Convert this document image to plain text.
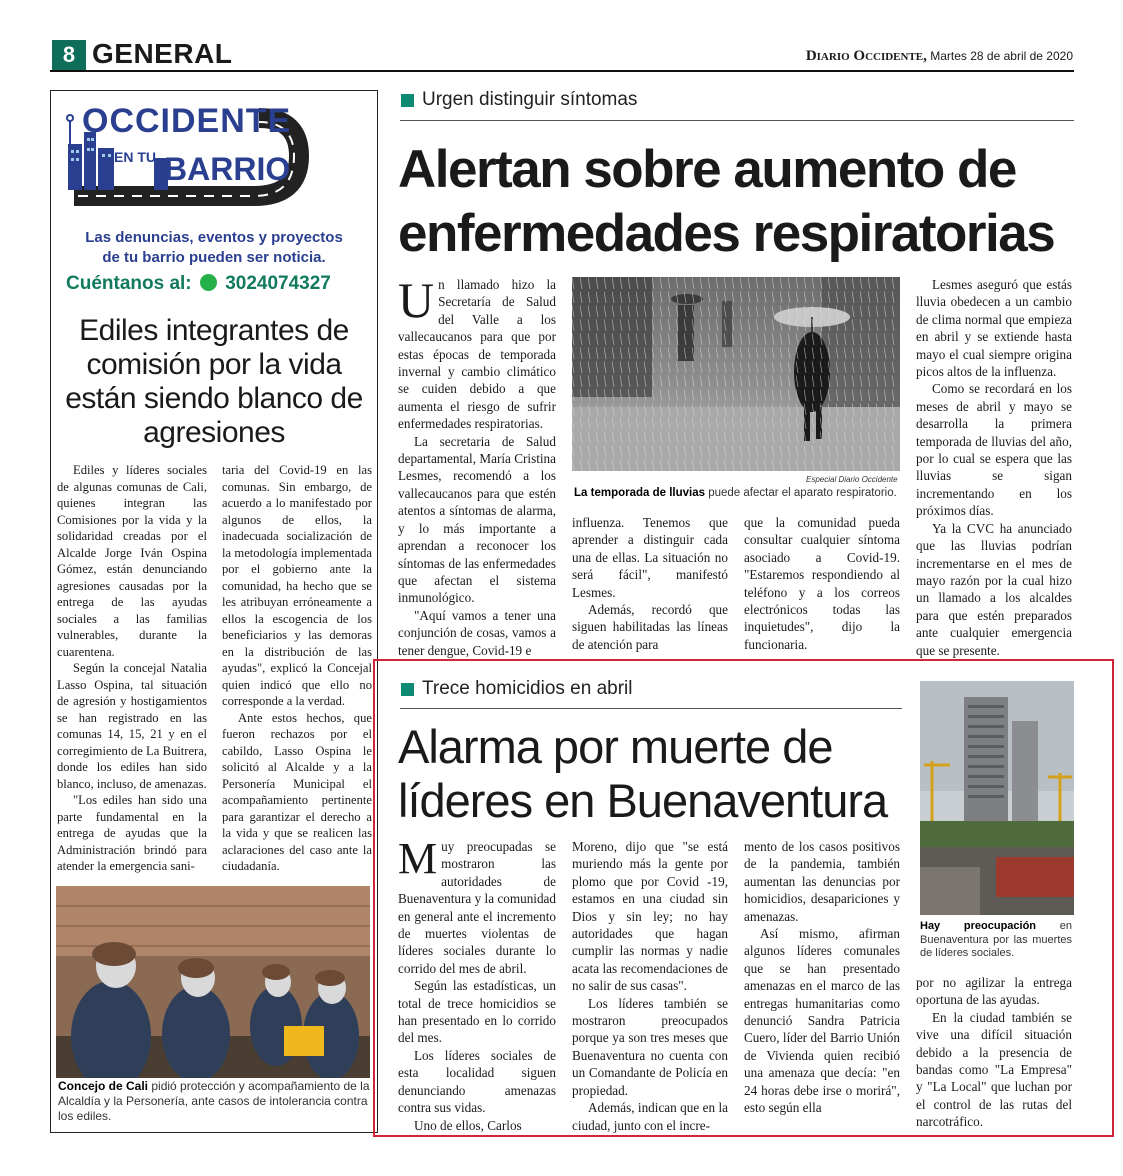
8 GENERAL	Diario Occidente, Martes 28 de abril de 2020
OCCIDENTE
EN TU BARRIO
Las denuncias, eventos y proyectos
de tu barrio pueden ser noticia.
Cuéntanos al: 3024074327
Ediles integrantes de comisión por la vida están siendo blanco de agresiones

Ediles y líderes sociales de algunas comunas de Cali, quienes integran las Comisiones por la vida y la solidaridad creadas por el Alcalde Jorge Iván Ospina Gómez, están denunciando agresiones causadas por la entrega de las ayudas sociales a las familias vulnerables, durante la cuarentena.

Según la concejal Natalia Lasso Ospina, tal situación de agresión y hostigamientos se han registrado en las comunas 14, 15, 21 y en el corregimiento de La Buitrera, donde los ediles han sido blanco, incluso, de amenazas.

"Los ediles han sido una parte fundamental en la entrega de ayudas que la Administración brindó para atender la emergencia sani-

taria del Covid-19 en las comunas. Sin embargo, de acuerdo a lo manifestado por algunos de ellos, la inadecuada socialización de la metodología implementada por el gobierno ante la comunidad, ha hecho que se les atribuyan erróneamente a ellos la escogencia de los beneficiarios y las demoras en la distribución de las ayudas", explicó la Concejal quien indicó que ello no corresponde a la verdad.

Ante estos hechos, que fueron rechazos por el cabildo, Lasso Ospina le solicitó al Alcalde y a la Personería Municipal el acompañamiento pertinente para garantizar el derecho a la vida y que se realicen las aclaraciones del caso ante la ciudadanía.

Concejo de Cali pidió protección y acompañamiento de la Alcaldía y la Personería, ante casos de intolerancia contra los ediles.
Urgen distinguir síntomas
Alertan sobre aumento de
enfermedades respiratorias

Un llamado hizo la Secretaría de Salud del Valle a los vallecaucanos para que por estas épocas de temporada invernal y cambio climático se cuiden debido a que aumenta el riesgo de sufrir enfermedades respiratorias.

La secretaria de Salud departamental, María Cristina Lesmes, recomendó a los vallecaucanos para que estén atentos a síntomas de alarma, y lo más importante a aprendan a reconocer los síntomas de las enfermedades que afectan el sistema inmunológico.

"Aquí vamos a tener una conjunción de cosas, vamos a tener dengue, Covid-19 e

Especial Diario Occidente
La temporada de lluvias puede afectar el aparato respiratorio.

influenza. Tenemos que aprender a distinguir cada una de ellas. La situación no será fácil", manifestó Lesmes.

Además, recordó que siguen habilitadas las líneas de atención para

que la comunidad pueda consultar cualquier síntoma asociado a Covid-19. "Estaremos respondiendo al teléfono y a los correos electrónicos todas las inquietudes", dijo la funcionaria.

Lesmes aseguró que estás lluvia obedecen a un cambio de clima normal que empieza en abril y se extiende hasta mayo el cual siempre origina picos altos de la influenza.

Como se recordará en los meses de abril y mayo se desarrolla la primera temporada de lluvias del año, por lo cual se espera que las lluvias se sigan incrementando en los próximos días.

Ya la CVC ha anunciado que las lluvias podrían incrementarse en el mes de mayo razón por la cual hizo un llamado a los alcaldes para que estén preparados ante cualquier emergencia que se presente.

Trece homicidios en abril
Alarma por muerte de
líderes en Buenaventura

Muy preocupadas se mostraron las autoridades de Buenaventura y la comunidad en general ante el incremento de muertes violentas de líderes sociales durante lo corrido del mes de abril.

Según las estadísticas, un total de trece homicidios se han presentado en lo corrido del mes.

Los líderes sociales de esta localidad siguen denunciando amenazas contra sus vidas.

Uno de ellos, Carlos

Moreno, dijo que "se está muriendo más la gente por plomo que por Covid -19, estamos en una ciudad sin Dios y sin ley; no hay autoridades que hagan cumplir las normas y nadie acata las recomendaciones de no salir de sus casas".

Los líderes también se mostraron preocupados porque ya son tres meses que Buenaventura no cuenta con un Comandante de Policía en propiedad.

Además, indican que en la ciudad, junto con el incre-

mento de los casos positivos de la pandemia, también aumentan las denuncias por homicidios, desapariciones y amenazas.

Así mismo, afirman algunos líderes comunales que se han presentado amenazas en el marco de las entregas humanitarias como denunció Sandra Patricia Cuero, líder del Barrio Unión de Vivienda quien recibió una amenaza que decía: "en 24 horas debe irse o morirá", esto según ella

Hay preocupación en Buenaventura por las muertes de líderes sociales.

por no agilizar la entrega oportuna de las ayudas.

En la ciudad también se vive una difícil situación debido a la presencia de bandas como "La Empresa" y "La Local" que luchan por el control de las rutas del narcotráfico.
